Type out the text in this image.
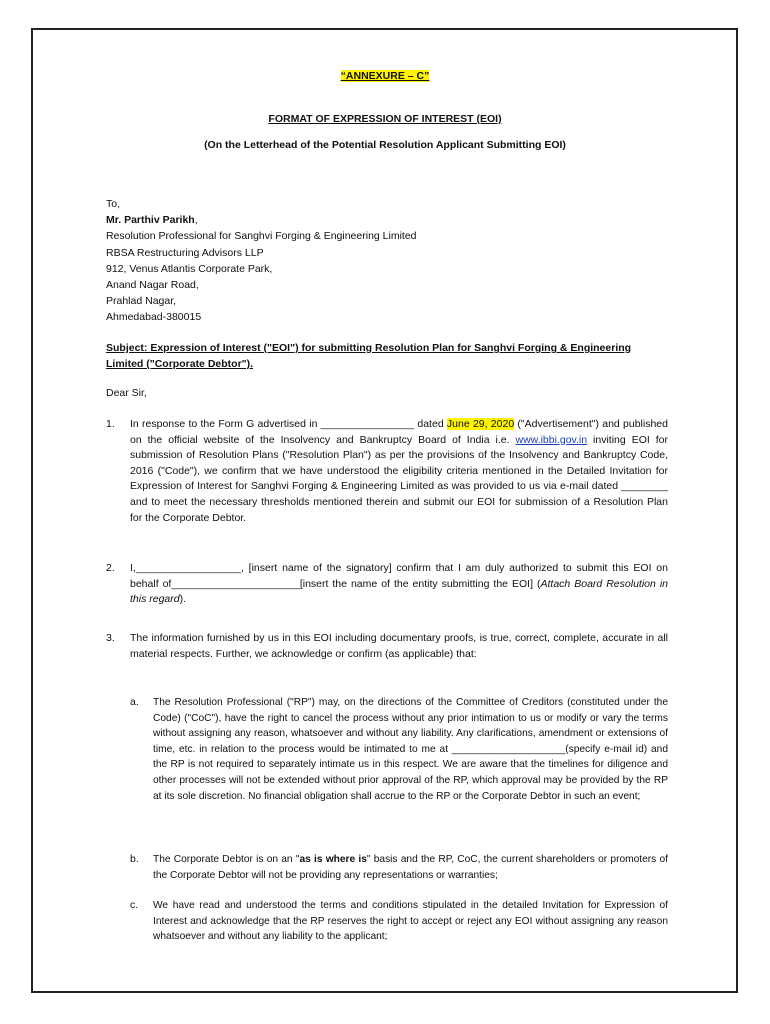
“ANNEXURE – C”
FORMAT OF EXPRESSION OF INTEREST (EOI)
(On the Letterhead of the Potential Resolution Applicant Submitting EOI)
To,
Mr. Parthiv Parikh,
Resolution Professional for Sanghvi Forging & Engineering Limited
RBSA Restructuring Advisors LLP
912, Venus Atlantis Corporate Park,
Anand Nagar Road,
Prahlad Nagar,
Ahmedabad-380015
Subject: Expression of Interest ("EOI") for submitting Resolution Plan for Sanghvi Forging & Engineering Limited ("Corporate Debtor").
Dear Sir,
1. In response to the Form G advertised in ________________ dated June 29, 2020 ("Advertisement") and published on the official website of the Insolvency and Bankruptcy Board of India i.e. www.ibbi.gov.in inviting EOI for submission of Resolution Plans ("Resolution Plan") as per the provisions of the Insolvency and Bankruptcy Code, 2016 ("Code"), we confirm that we have understood the eligibility criteria mentioned in the Detailed Invitation for Expression of Interest for Sanghvi Forging & Engineering Limited as was provided to us via e-mail dated ________ and to meet the necessary thresholds mentioned therein and submit our EOI for submission of a Resolution Plan for the Corporate Debtor.
2. I,__________________, [insert name of the signatory] confirm that I am duly authorized to submit this EOI on behalf of______________________[insert the name of the entity submitting the EOI] (Attach Board Resolution in this regard).
3. The information furnished by us in this EOI including documentary proofs, is true, correct, complete, accurate in all material respects. Further, we acknowledge or confirm (as applicable) that:
a. The Resolution Professional ("RP") may, on the directions of the Committee of Creditors (constituted under the Code) ("CoC"), have the right to cancel the process without any prior intimation to us or modify or vary the terms without assigning any reason, whatsoever and without any liability. Any clarifications, amendment or extensions of time, etc. in relation to the process would be intimated to me at ____________________(specify e-mail id) and the RP is not required to separately intimate us in this respect. We are aware that the timelines for diligence and other processes will not be extended without prior approval of the RP, which approval may be provided by the RP at its sole discretion. No financial obligation shall accrue to the RP or the Corporate Debtor in such an event;
b. The Corporate Debtor is on an "as is where is" basis and the RP, CoC, the current shareholders or promoters of the Corporate Debtor will not be providing any representations or warranties;
c. We have read and understood the terms and conditions stipulated in the detailed Invitation for Expression of Interest and acknowledge that the RP reserves the right to accept or reject any EOI without assigning any reason whatsoever and without any liability to the applicant;
